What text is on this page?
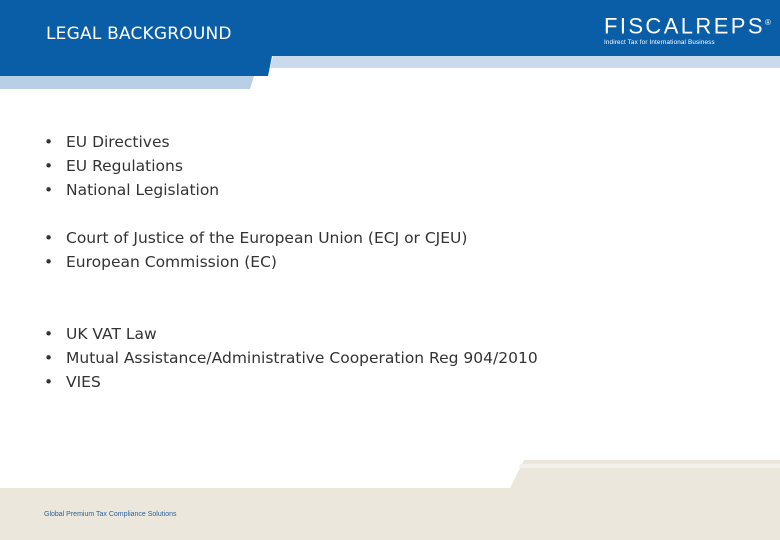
LEGAL BACKGROUND	FISCALREPS®
Indirect Tax for International Business
• EU Directives
• EU Regulations
• National Legislation
• Court of Justice of the European Union (ECJ or CJEU)
• European Commission (EC)
• UK VAT Law
• Mutual Assistance/Administrative Cooperation Reg 904/2010
• VIES
Global Premium Tax Compliance Solutions
